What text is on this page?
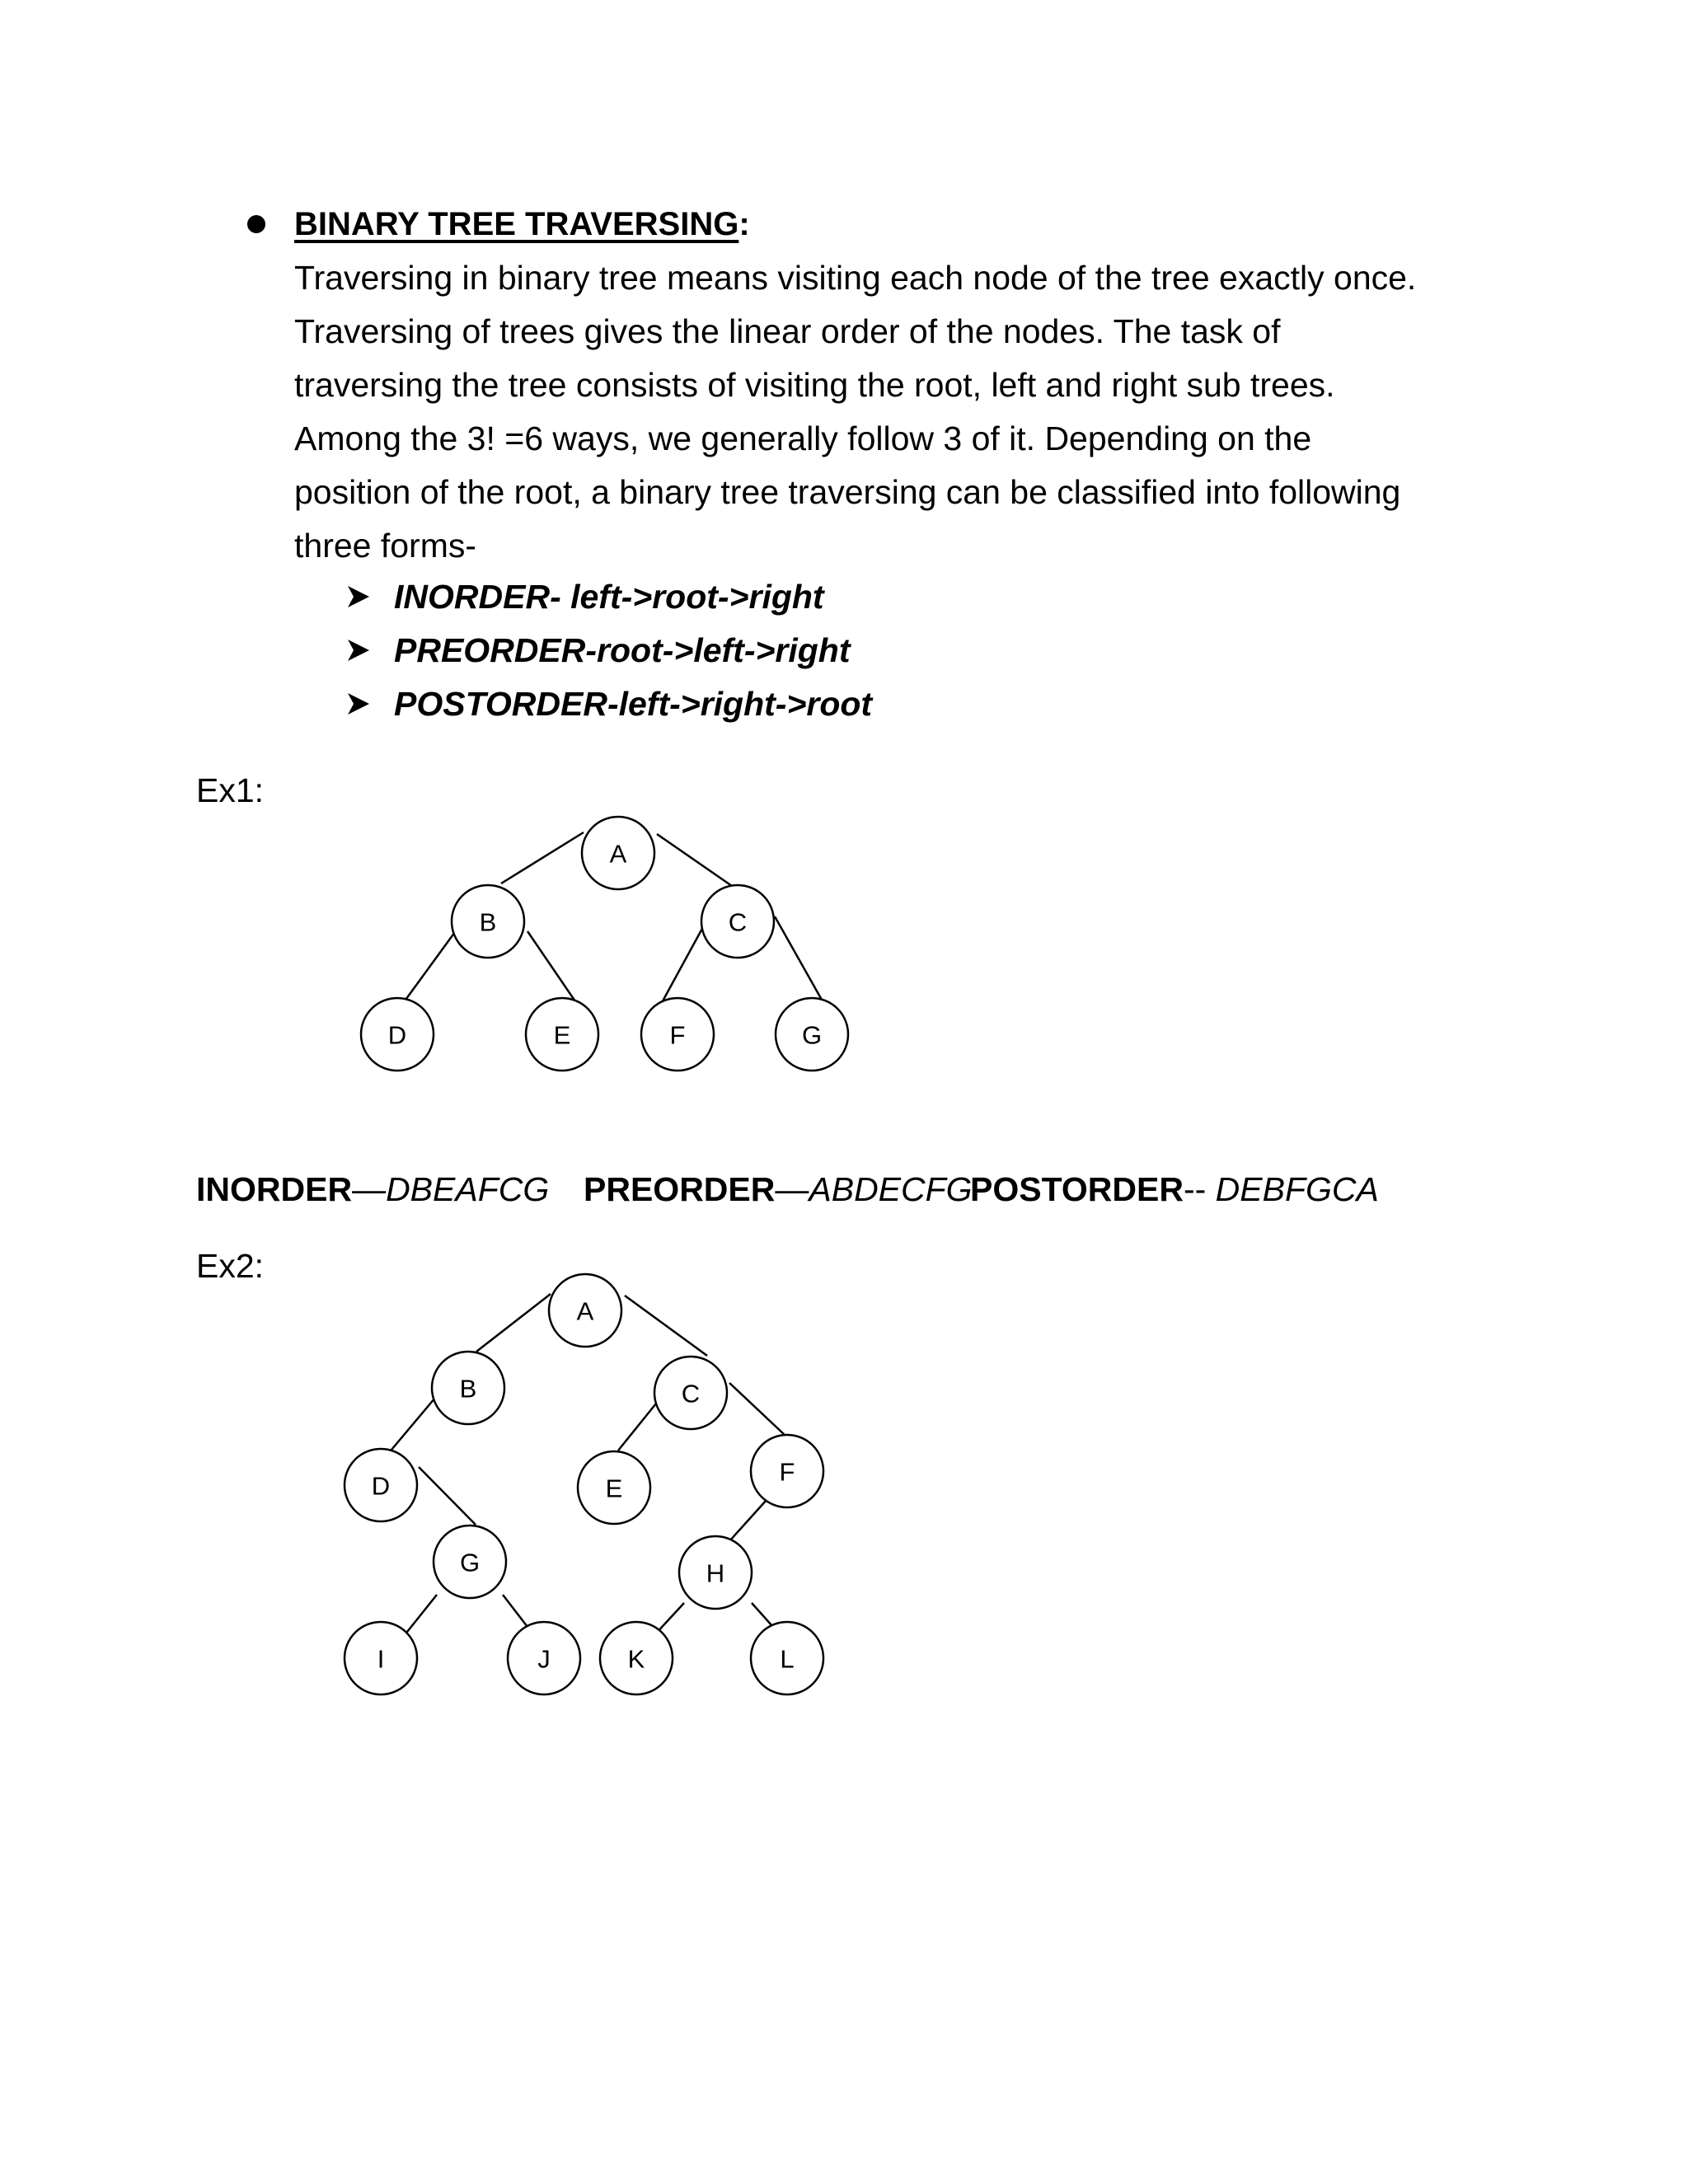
BINARY TREE TRAVERSING:
Traversing in binary tree means visiting each node of the tree exactly once.
Traversing of trees gives the linear order of the nodes. The task of
traversing the tree consists of visiting the root, left and right sub trees.
Among the 3! =6 ways, we generally follow 3 of it. Depending on the
position of the root, a binary tree traversing can be classified into following
three forms-
INORDER- left->root->right
PREORDER-root->left->right
POSTORDER-left->right->root
Ex1:
A
B	C
D	E	F	G
A
B	C
D	E
F
G	H
I	J	K	L
INORDER—DBEAFCG PREORDER—ABDECFG
POSTORDER-- DEBFGCA
Ex2:
